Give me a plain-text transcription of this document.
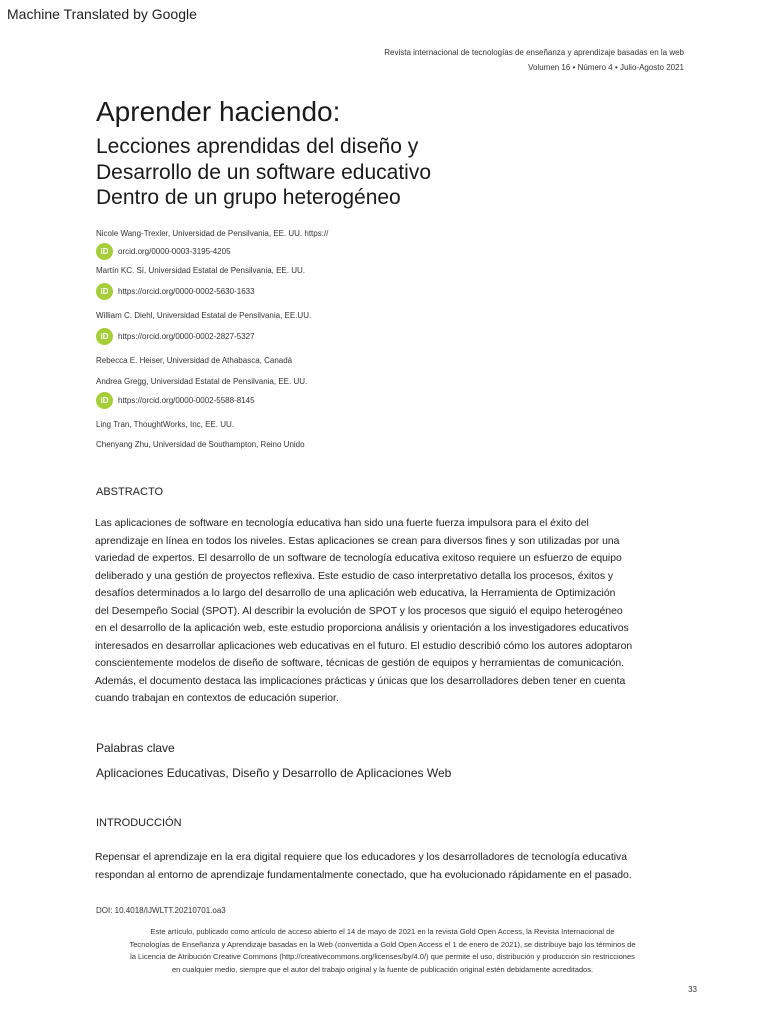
Machine Translated by Google
Revista internacional de tecnologías de enseñanza y aprendizaje basadas en la web
Volumen 16 • Número 4 • Julio-Agosto 2021
Aprender haciendo:
Lecciones aprendidas del diseño y
Desarrollo de un software educativo
Dentro de un grupo heterogéneo
Nicole Wang-Trexler, Universidad de Pensilvania, EE. UU. https://
iD	orcid.org/0000-0003-3195-4205
Martín KC. Sí, Universidad Estatal de Pensilvania, EE. UU.
iD	https://orcid.org/0000-0002-5630-1633
William C. Diehl, Universidad Estatal de Pensilvania, EE.UU.
iD	https://orcid.org/0000-0002-2827-5327
Rebecca E. Heiser, Universidad de Athabasca, Canadá
Andrea Gregg, Universidad Estatal de Pensilvania, EE. UU.
iD	https://orcid.org/0000-0002-5588-8145
Ling Tran, ThoughtWorks, Inc, EE. UU.
Chenyang Zhu, Universidad de Southampton, Reino Unido
ABSTRACTO
Las aplicaciones de software en tecnología educativa han sido una fuerte fuerza impulsora para el éxito del
aprendizaje en línea en todos los niveles. Estas aplicaciones se crean para diversos fines y son utilizadas por una
variedad de expertos. El desarrollo de un software de tecnología educativa exitoso requiere un esfuerzo de equipo
deliberado y una gestión de proyectos reflexiva. Este estudio de caso interpretativo detalla los procesos, éxitos y
desafíos determinados a lo largo del desarrollo de una aplicación web educativa, la Herramienta de Optimización
del Desempeño Social (SPOT). Al describir la evolución de SPOT y los procesos que siguió el equipo heterogéneo
en el desarrollo de la aplicación web, este estudio proporciona análisis y orientación a los investigadores educativos
interesados en desarrollar aplicaciones web educativas en el futuro. El estudio describió cómo los autores adoptaron
conscientemente modelos de diseño de software, técnicas de gestión de equipos y herramientas de comunicación.
Además, el documento destaca las implicaciones prácticas y únicas que los desarrolladores deben tener en cuenta
cuando trabajan en contextos de educación superior.
Palabras clave
Aplicaciones Educativas, Diseño y Desarrollo de Aplicaciones Web
INTRODUCCIÓN
Repensar el aprendizaje en la era digital requiere que los educadores y los desarrolladores de tecnología educativa
respondan al entorno de aprendizaje fundamentalmente conectado, que ha evolucionado rápidamente en el pasado.
DOI: 10.4018/IJWLTT.20210701.oa3
Este artículo, publicado como artículo de acceso abierto el 14 de mayo de 2021 en la revista Gold Open Access, la Revista Internacional de
Tecnologías de Enseñanza y Aprendizaje basadas en la Web (convertida a Gold Open Access el 1 de enero de 2021), se distribuye bajo los términos de
la Licencia de Atribución Creative Commons (http://creativecommons.org/licenses/by/4.0/) que permite el uso, distribución y producción sin restricciones
en cualquier medio, siempre que el autor del trabajo original y la fuente de publicación original estén debidamente acreditados.
33
